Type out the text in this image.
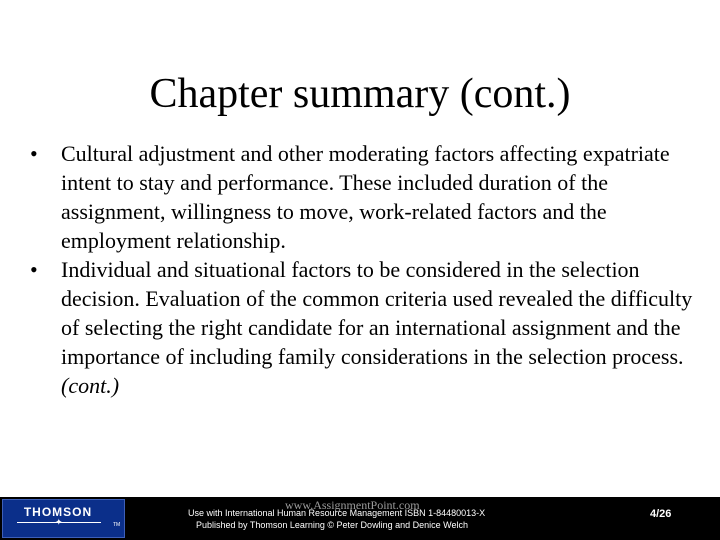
Chapter summary (cont.)
•	Cultural adjustment and other moderating factors affecting expatriate intent to stay and performance. These included duration of the assignment, willingness to move, work-related factors and the employment relationship.
•	Individual and situational factors to be considered in the selection decision. Evaluation of the common criteria used revealed the difficulty of selecting the right candidate for an international assignment and the importance of including family considerations in the selection process.
(cont.)
THOMSON
✦	TM
www.AssignmentPoint.com
Use with International Human Resource Management ISBN 1-84480013-X
Published by Thomson Learning © Peter Dowling and Denice Welch
4/26
